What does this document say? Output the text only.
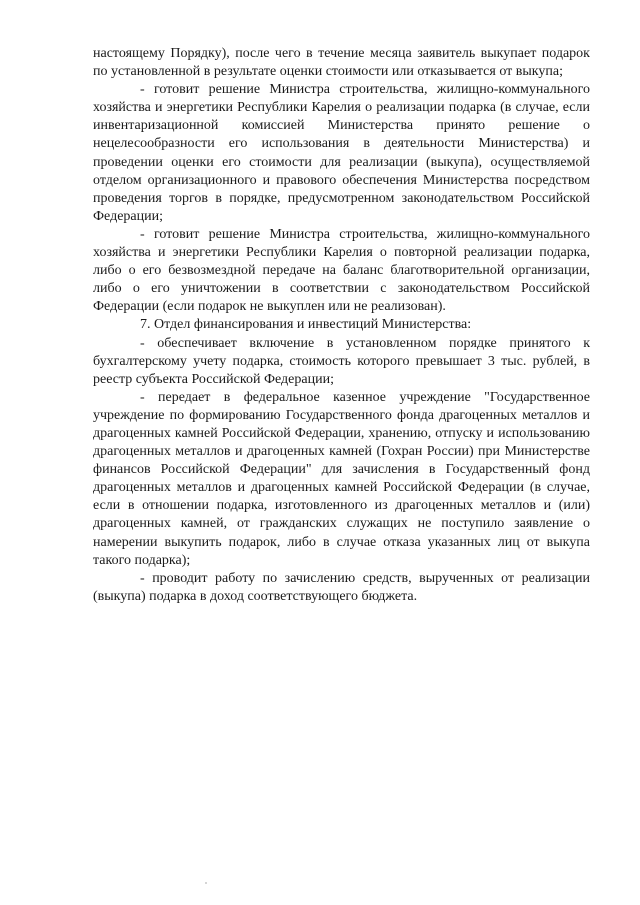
настоящему Порядку), после чего в течение месяца заявитель выкупает подарок по установленной в результате оценки стоимости или отказывается от выкупа;

- готовит решение Министра строительства, жилищно-коммунального хозяйства и энергетики Республики Карелия о реализации подарка (в случае, если инвентаризационной комиссией Министерства принято решение о нецелесообразности его использования в деятельности Министерства) и проведении оценки его стоимости для реализации (выкупа), осуществляемой отделом организационного и правового обеспечения Министерства посредством проведения торгов в порядке, предусмотренном законодательством Российской Федерации;

- готовит решение Министра строительства, жилищно-коммунального хозяйства и энергетики Республики Карелия о повторной реализации подарка, либо о его безвозмездной передаче на баланс благотворительной организации, либо о его уничтожении в соответствии с законодательством Российской Федерации (если подарок не выкуплен или не реализован).

7. Отдел финансирования и инвестиций Министерства:

- обеспечивает включение в установленном порядке принятого к бухгалтерскому учету подарка, стоимость которого превышает 3 тыс. рублей, в реестр субъекта Российской Федерации;

- передает в федеральное казенное учреждение "Государственное учреждение по формированию Государственного фонда драгоценных металлов и драгоценных камней Российской Федерации, хранению, отпуску и использованию драгоценных металлов и драгоценных камней (Гохран России) при Министерстве финансов Российской Федерации" для зачисления в Государственный фонд драгоценных металлов и драгоценных камней Российской Федерации (в случае, если в отношении подарка, изготовленного из драгоценных металлов и (или) драгоценных камней, от гражданских служащих не поступило заявление о намерении выкупить подарок, либо в случае отказа указанных лиц от выкупа такого подарка);

- проводит работу по зачислению средств, вырученных от реализации (выкупа) подарка в доход соответствующего бюджета.
